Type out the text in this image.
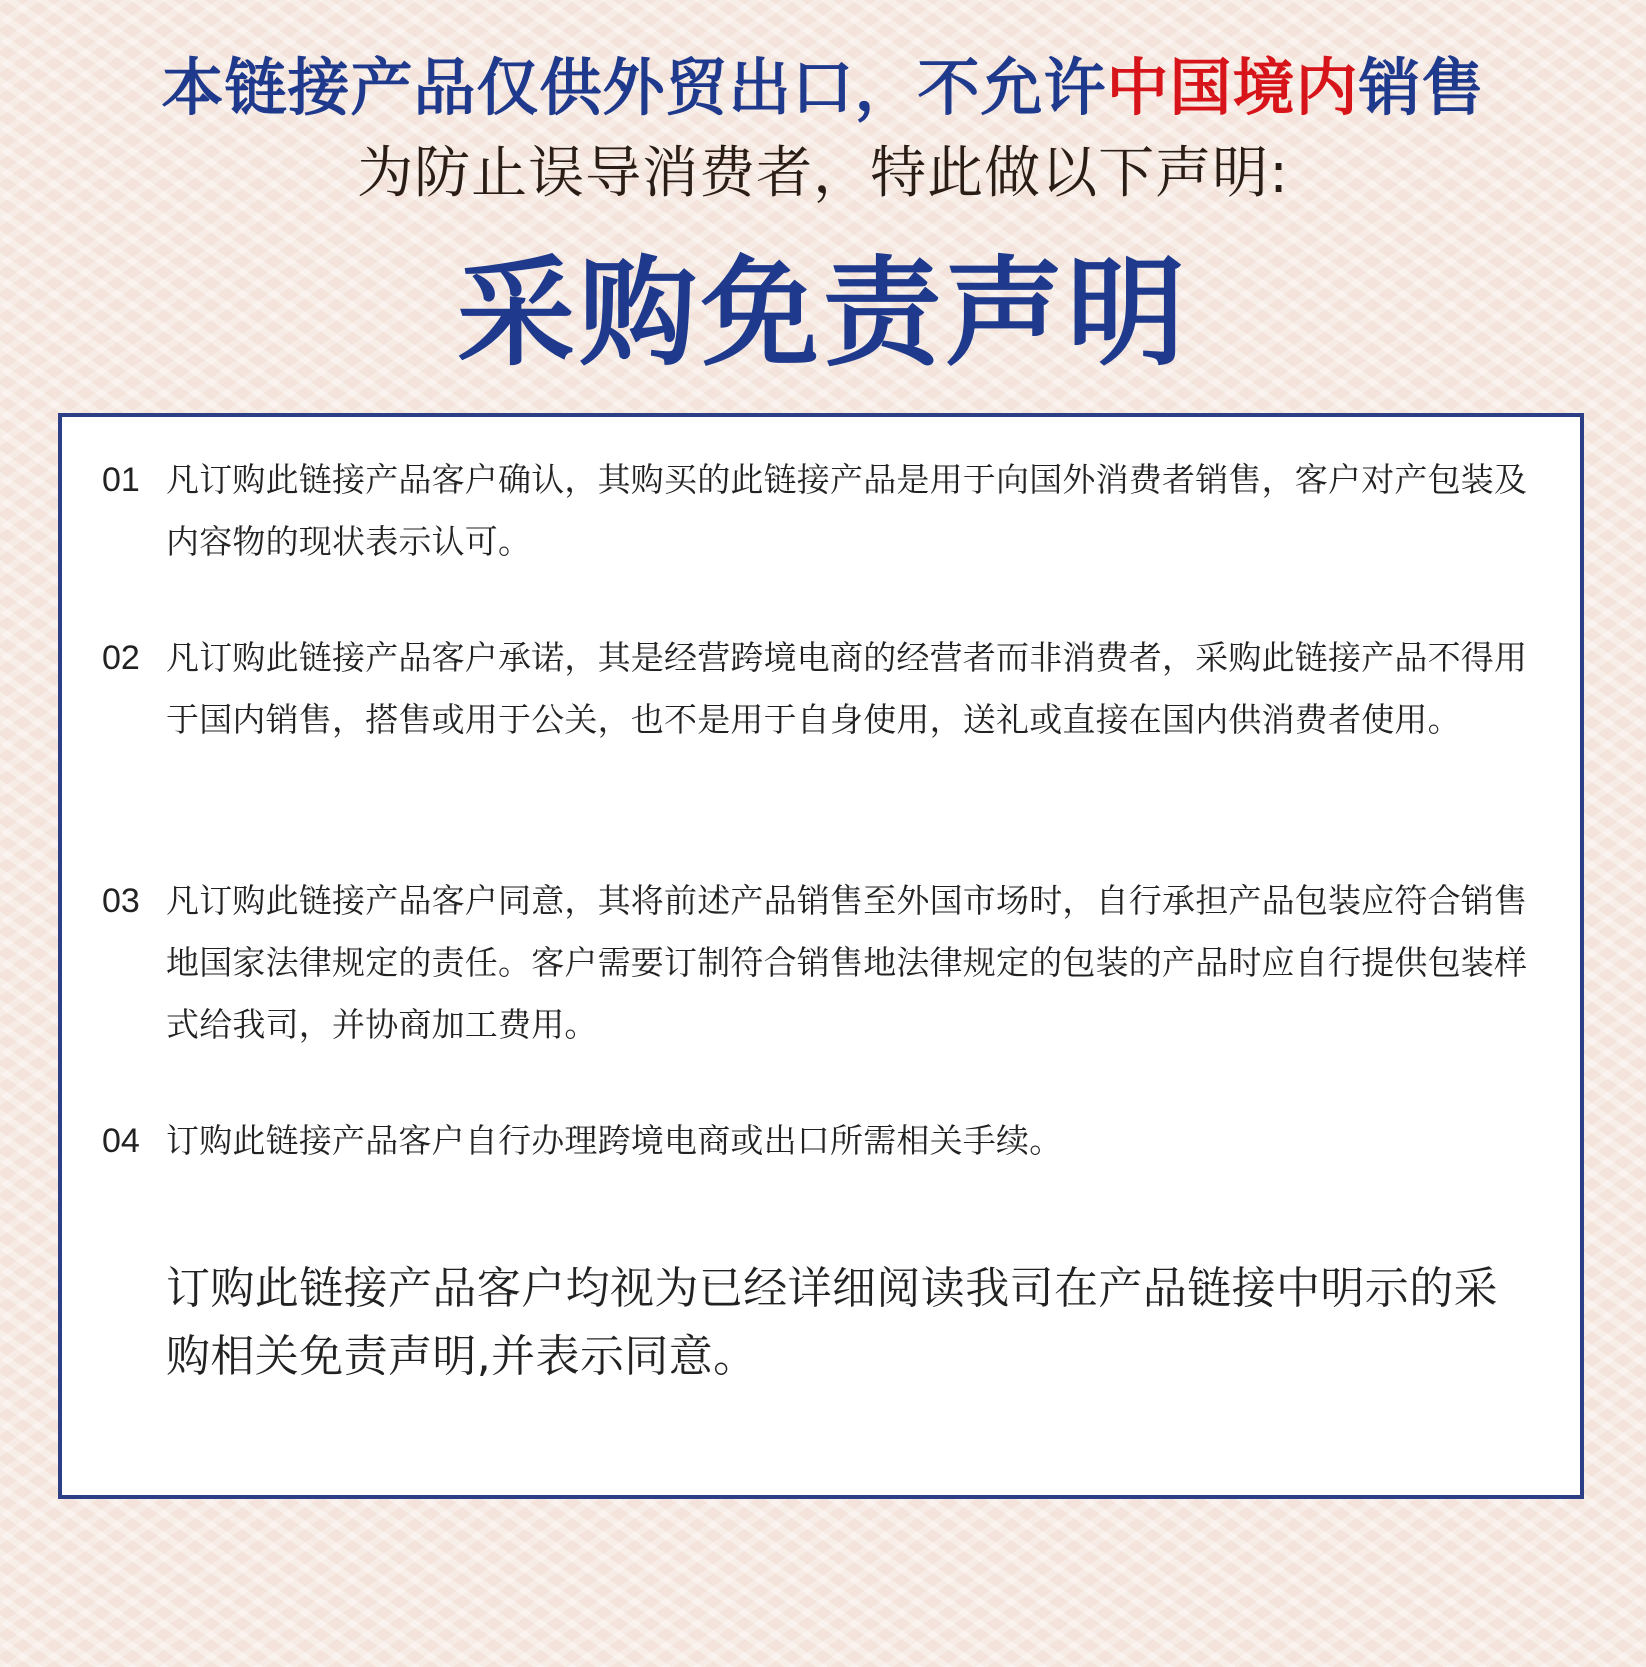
本链接产品仅供外贸出口，不允许中国境内销售
为防止误导消费者，特此做以下声明:
采购免责声明
01 凡订购此链接产品客户确认，其购买的此链接产品是用于向国外消费者销售，客户对产包装及内容物的现状表示认可。
02 凡订购此链接产品客户承诺，其是经营跨境电商的经营者而非消费者，采购此链接产品不得用于国内销售，搭售或用于公关，也不是用于自身使用，送礼或直接在国内供消费者使用。
03 凡订购此链接产品客户同意，其将前述产品销售至外国市场时，自行承担产品包装应符合销售地国家法律规定的责任。客户需要订制符合销售地法律规定的包装的产品时应自行提供包装样式给我司，并协商加工费用。
04 订购此链接产品客户自行办理跨境电商或出口所需相关手续。
订购此链接产品客户均视为已经详细阅读我司在产品链接中明示的采购相关免责声明,并表示同意。
